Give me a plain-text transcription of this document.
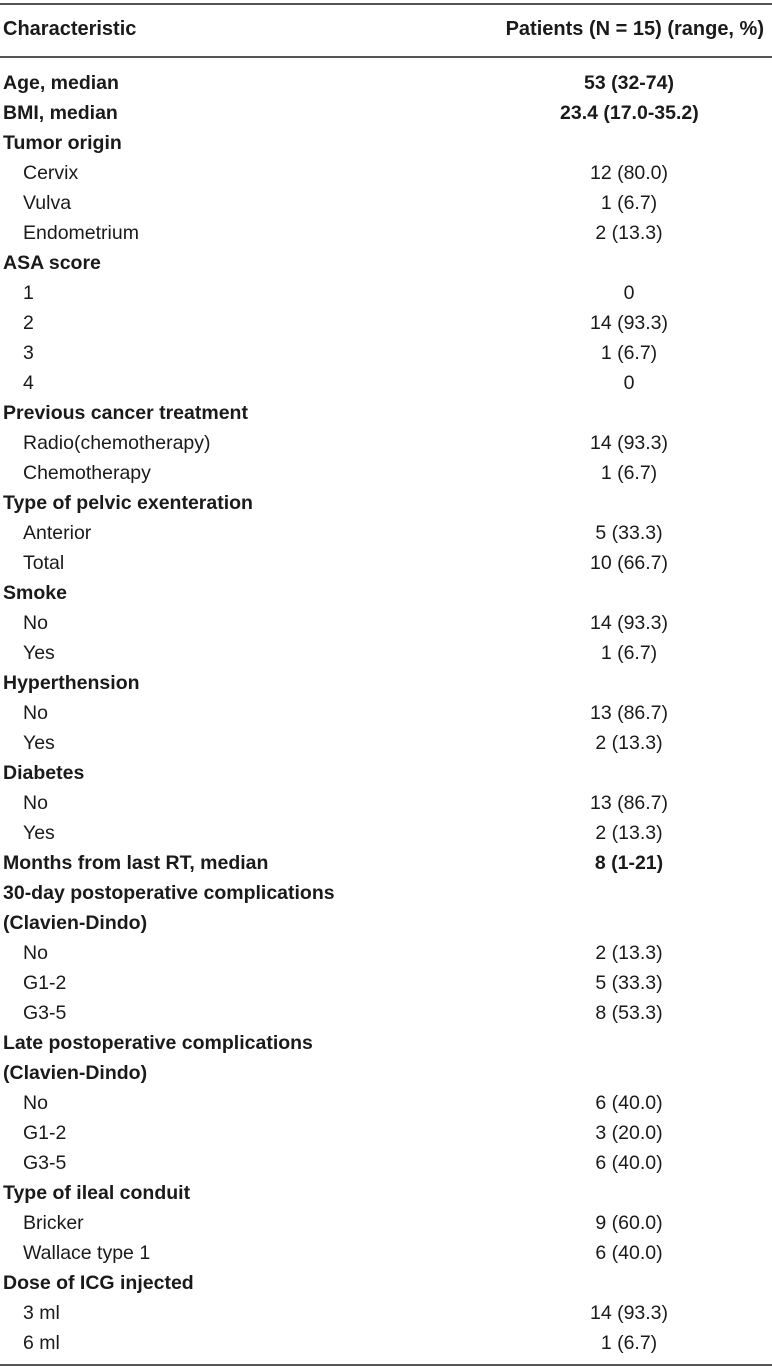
Characteristic	Patients (N = 15) (range, %)
Age, median	53 (32-74)
BMI, median	23.4 (17.0-35.2)
Tumor origin
Cervix	12 (80.0)
Vulva	1 (6.7)
Endometrium	2 (13.3)
ASA score
1	0
2	14 (93.3)
3	1 (6.7)
4	0
Previous cancer treatment
Radio(chemotherapy)	14 (93.3)
Chemotherapy	1 (6.7)
Type of pelvic exenteration
Anterior	5 (33.3)
Total	10 (66.7)
Smoke
No	14 (93.3)
Yes	1 (6.7)
Hyperthension
No	13 (86.7)
Yes	2 (13.3)
Diabetes
No	13 (86.7)
Yes	2 (13.3)
Months from last RT, median	8 (1-21)
30-day postoperative complications
(Clavien-Dindo)
No	2 (13.3)
G1-2	5 (33.3)
G3-5	8 (53.3)
Late postoperative complications
(Clavien-Dindo)
No	6 (40.0)
G1-2	3 (20.0)
G3-5	6 (40.0)
Type of ileal conduit
Bricker	9 (60.0)
Wallace type 1	6 (40.0)
Dose of ICG injected
3 ml	14 (93.3)
6 ml	1 (6.7)
